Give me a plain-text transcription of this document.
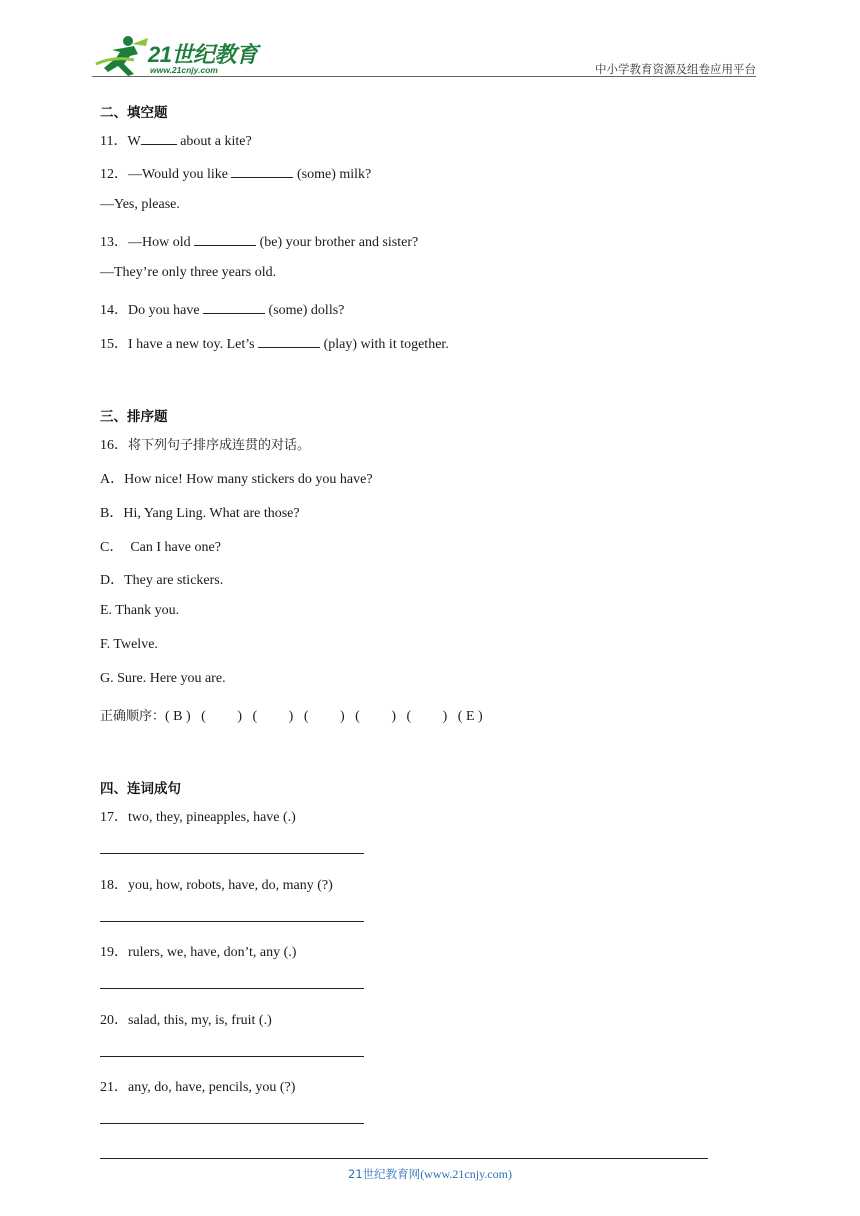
21世纪教育
www.21cnjy.com	中小学教育资源及组卷应用平台
二、填空题
11．W	about a kite?
12．—Would you like	(some) milk?
—Yes, please.
13．—How old	(be) your brother and sister?
—They’re only three years old.
14．Do you have	(some) dolls?
15．I have a new toy. Let’s	(play) with it together.
三、排序题
16．将下列句子排序成连贯的对话。
A．How nice! How many stickers do you have?
B．Hi, Yang Ling. What are those?
C．  Can I have one?
D．They are stickers.
E. Thank you.
F. Twelve.
G. Sure. Here you are.
正确顺序：( B )   (         )   (         )   (         )   (         )   (         )   ( E )
四、连词成句
17．two, they, pineapples, have (.)
18．you, how, robots, have, do, many (?)
19．rulers, we, have, don’t, any (.)
20．salad, this, my, is, fruit (.)
21．any, do, have, pencils, you (?)
21世纪教育网(www.21cnjy.com)
